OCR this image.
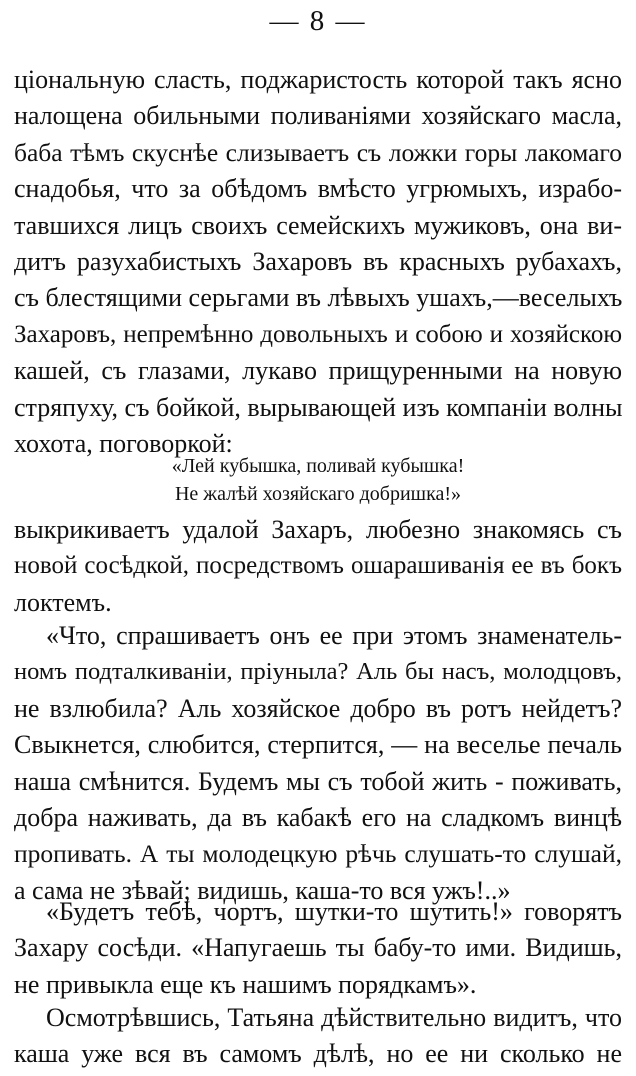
— 8 —
ціональную сласть, поджаристость которой такъ ясно
налощена обильными поливаніями хозяйскаго масла,
баба тѣмъ скуснѣе слизываетъ съ ложки горы лакомаго
снадобья, что за обѣдомъ вмѣсто угрюмыхъ, израбо-
тавшихся лицъ своихъ семейскихъ мужиковъ, она ви-
дитъ разухабистыхъ Захаровъ въ красныхъ рубахахъ,
съ блестящими серьгами въ лѣвыхъ ушахъ,—веселыхъ
Захаровъ, непремѣнно довольныхъ и собою и хозяйскою
кашей, съ глазами, лукаво прищуренными на новую
стряпуху, съ бойкой, вырывающей изъ компаніи волны
хохота, поговоркой:
«Лей кубышка, поливай кубышка!
Не жалѣй хозяйскаго добришка!»
выкрикиваетъ удалой Захаръ, любезно знакомясь съ
новой сосѣдкой, посредствомъ ошарашиванія ее въ бокъ
локтемъ.
«Что, спрашиваетъ онъ ее при этомъ знаменатель-
номъ подталкиваніи, пріуныла? Аль бы насъ, молодцовъ,
не взлюбила? Аль хозяйское добро въ ротъ нейдетъ?
Свыкнется, слюбится, стерпится, — на веселье печаль
наша смѣнится. Будемъ мы съ тобой жить - поживать,
добра наживать, да въ кабакѣ его на сладкомъ винцѣ
пропивать. А ты молодецкую рѣчь слушать-то слушай,
а сама не зѣвай; видишь, каша-то вся ужъ!..»
«Будетъ тебѣ, чортъ, шутки-то шутить!» говорятъ
Захару сосѣди. «Напугаешь ты бабу-то ими. Видишь,
не привыкла еще къ нашимъ порядкамъ».
Осмотрѣвшись, Татьяна дѣйствительно видитъ, что
каша уже вся въ самомъ дѣлѣ, но ее ни сколько не
